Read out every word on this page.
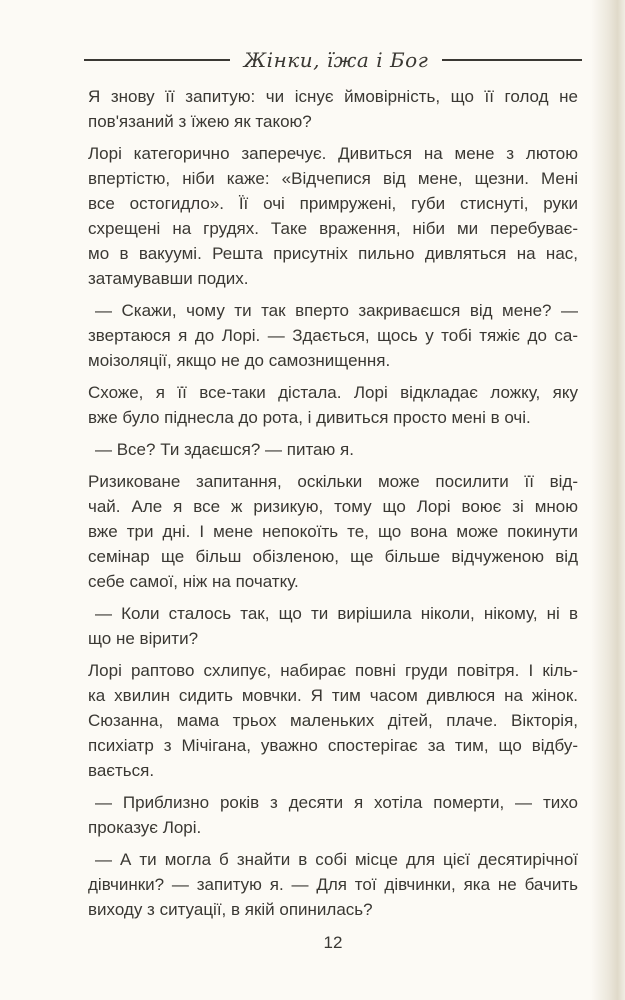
Жінки, їжа і Бог
Я знову її запитую: чи існує ймовірність, що її голод не
пов'язаний з їжею як такою?
Лорі категорично заперечує. Дивиться на мене з лютою
впертістю, ніби каже: «Відчепися від мене, щезни. Мені
все остогидло». Її очі примружені, губи стиснуті, руки
схрещені на грудях. Таке враження, ніби ми перебуває-
мо в вакуумі. Решта присутніх пильно дивляться на нас,
затамувавши подих.
— Скажи, чому ти так вперто закриваєшся від мене? —
звертаюся я до Лорі. — Здається, щось у тобі тяжіє до са-
моізоляції, якщо не до самознищення.
Схоже, я її все-таки дістала. Лорі відкладає ложку, яку
вже було піднесла до рота, і дивиться просто мені в очі.
— Все? Ти здаєшся? — питаю я.
Ризиковане запитання, оскільки може посилити її від-
чай. Але я все ж ризикую, тому що Лорі воює зі мною
вже три дні. І мене непокоїть те, що вона може покинути
семінар ще більш обізленою, ще більше відчуженою від
себе самої, ніж на початку.
— Коли сталось так, що ти вирішила ніколи, нікому, ні в
що не вірити?
Лорі раптово схлипує, набирає повні груди повітря. І кіль-
ка хвилин сидить мовчки. Я тим часом дивлюся на жінок.
Сюзанна, мама трьох маленьких дітей, плаче. Вікторія,
психіатр з Мічігана, уважно спостерігає за тим, що відбу-
вається.
— Приблизно років з десяти я хотіла померти, — тихо
проказує Лорі.
— А ти могла б знайти в собі місце для цієї десятирічної
дівчинки? — запитую я. — Для тої дівчинки, яка не бачить
виходу з ситуації, в якій опинилась?
12
